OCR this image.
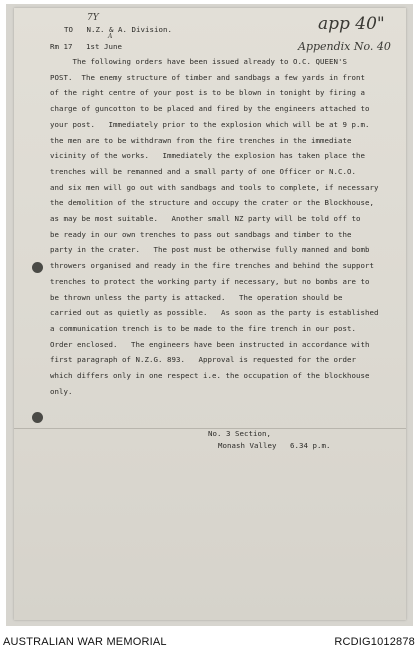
TO   N.Z. & A. Division.
7Y
A
Rm 17   1st June
app 40"
Appendix No. 40
The following orders have been issued already to O.C. QUEEN'S
POST.  The enemy structure of timber and sandbags a few yards in front
of the right centre of your post is to be blown in tonight by firing a
charge of guncotton to be placed and fired by the engineers attached to
your post.   Immediately prior to the explosion which will be at 9 p.m.
the men are to be withdrawn from the fire trenches in the immediate
vicinity of the works.   Immediately the explosion has taken place the
trenches will be remanned and a small party of one Officer or N.C.O.
and six men will go out with sandbags and tools to complete, if necessary
the demolition of the structure and occupy the crater or the Blockhouse,
as may be most suitable.   Another small NZ party will be told off to
be ready in our own trenches to pass out sandbags and timber to the
party in the crater.   The post must be otherwise fully manned and bomb
throwers organised and ready in the fire trenches and behind the support
trenches to protect the working party if necessary, but no bombs are to
be thrown unless the party is attacked.   The operation should be
carried out as quietly as possible.   As soon as the party is established
a communication trench is to be made to the fire trench in our post.
Order enclosed.   The engineers have been instructed in accordance with
first paragraph of N.Z.G. 893.   Approval is requested for the order
which differs only in one respect i.e. the occupation of the blockhouse
only.
No. 3 Section,
Monash Valley   6.34 p.m.
AUSTRALIAN WAR MEMORIAL	RCDIG1012878
